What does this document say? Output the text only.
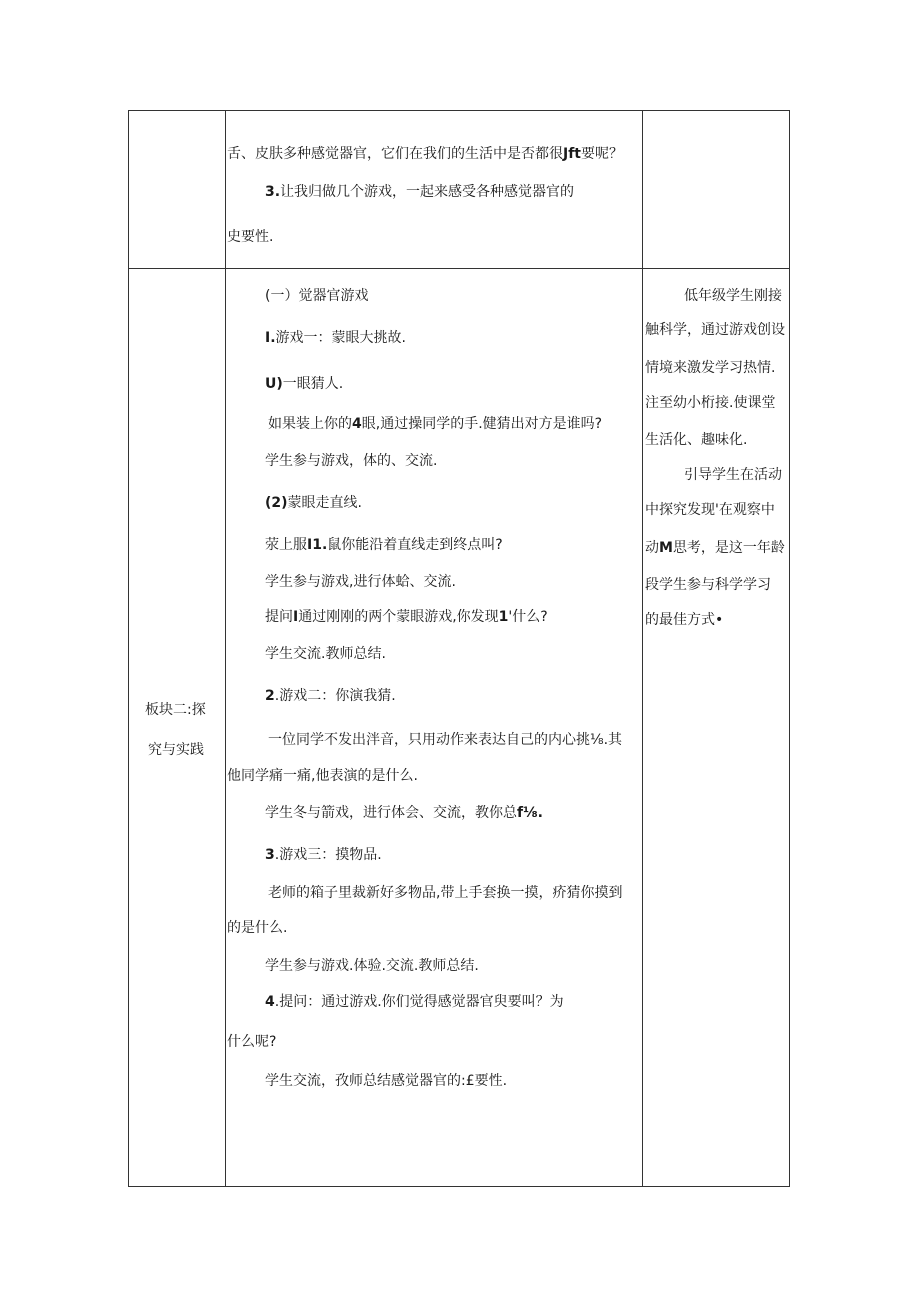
舌、皮肤多种感觉器官，它们在我们的生活中是否都很Jft要呢？
3.让我归做几个游戏，一起来感受各种感觉器官的
史要性.
板块二:探
究与实践
(一）觉器官游戏
I.游戏一：蒙眼大挑故.
U)一眼猜人.
如果装上你的4眼,通过操同学的手.健猜出对方是谁吗?
学生参与游戏，体的、交流.
(2)蒙眼走直线.
荥上服I1.鼠你能沿着直线走到终点叫?
学生参与游戏,进行体蛤、交流.
提问I通过刚刚的两个蒙眼游戏,你发现1'什么?
学生交流.教师总结.
2.游戏二：你演我猜.
一位同学不发出泮音，只用动作来表达自己的内心挑⅛.其
他同学痛一痛,他表演的是什么.
学生冬与箭戏，进行体会、交流，教你总f⅛.
3.游戏三：摸物品.
老师的箱子里裁新好多物品,带上手套换一摸，疥猜你摸到
的是什么.
学生参与游戏.体验.交流.教师总结.
4.提问：通过游戏.你们觉得感觉器官臾要叫？为
什么呢?
学生交流，孜师总结感觉器官的:£要性.
低年级学生刚接
触科学，通过游戏创设
情境来激发学习热情.
注至幼小桁接.使课堂
生活化、趣味化.
引导学生在活动
中探究发现'在观察中
动M思考，是这一年龄
段学生参与科学学习
的最佳方式•
